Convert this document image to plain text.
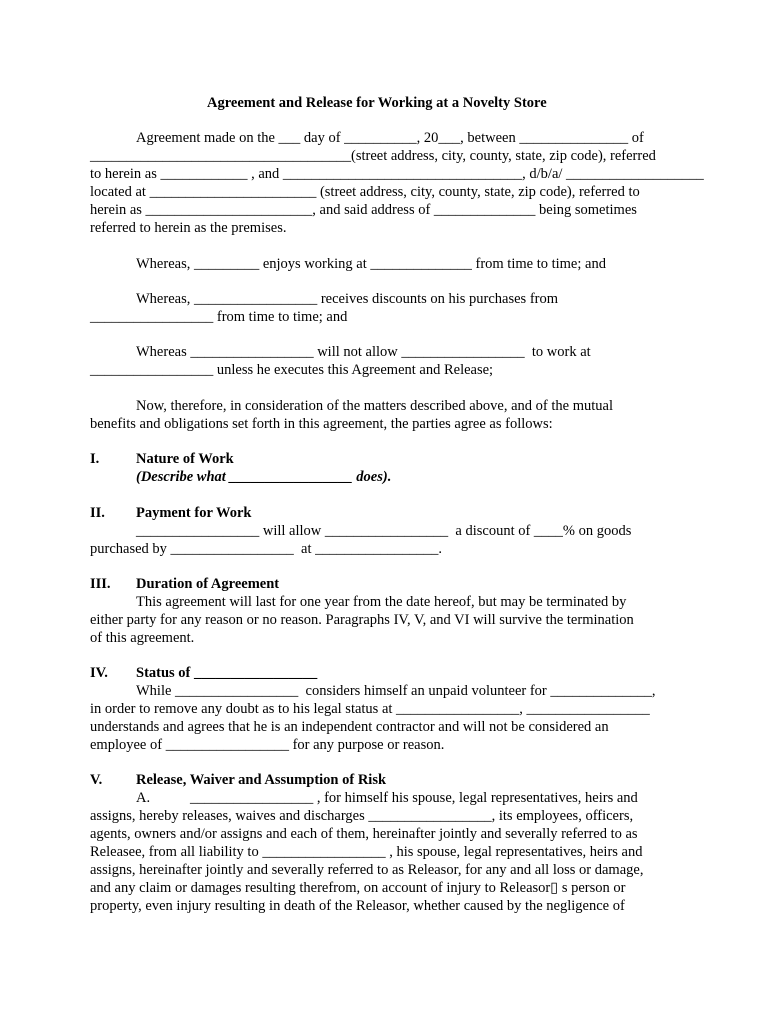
Agreement and Release for Working at a Novelty Store
Agreement made on the ___ day of __________, 20___, between _______________ of
____________________________________(street address, city, county, state, zip code), referred
to herein as ____________ , and _________________________________, d/b/a/ ___________________
located at _______________________ (street address, city, county, state, zip code), referred to
herein as _______________________, and said address of ______________ being sometimes
referred to herein as the premises.
Whereas, _________ enjoys working at ______________ from time to time; and
Whereas, _________________ receives discounts on his purchases from
_________________ from time to time; and
Whereas _________________ will not allow _________________  to work at
_________________ unless he executes this Agreement and Release;
Now, therefore, in consideration of the matters described above, and of the mutual
benefits and obligations set forth in this agreement, the parties agree as follows:
I.	Nature of Work
(Describe what _________________ does).
II. Payment for Work
_________________ will allow _________________  a discount of ____% on goods
purchased by _________________  at _________________.
III. Duration of Agreement
This agreement will last for one year from the date hereof, but may be terminated by
either party for any reason or no reason. Paragraphs IV, V, and VI will survive the termination
of this agreement.
IV. Status of _________________
While _________________  considers himself an unpaid volunteer for ______________,
in order to remove any doubt as to his legal status at _________________, _________________
understands and agrees that he is an independent contractor and will not be considered an
employee of _________________ for any purpose or reason.
V. Release, Waiver and Assumption of Risk
A.           _________________ , for himself his spouse, legal representatives, heirs and
assigns, hereby releases, waives and discharges _________________, its employees, officers,
agents, owners and/or assigns and each of them, hereinafter jointly and severally referred to as
Releasee, from all liability to _________________ , his spouse, legal representatives, heirs and
assigns, hereinafter jointly and severally referred to as Releasor, for any and all loss or damage,
and any claim or damages resulting therefrom, on account of injury to Releasor▯ s person or
property, even injury resulting in death of the Releasor, whether caused by the negligence of
